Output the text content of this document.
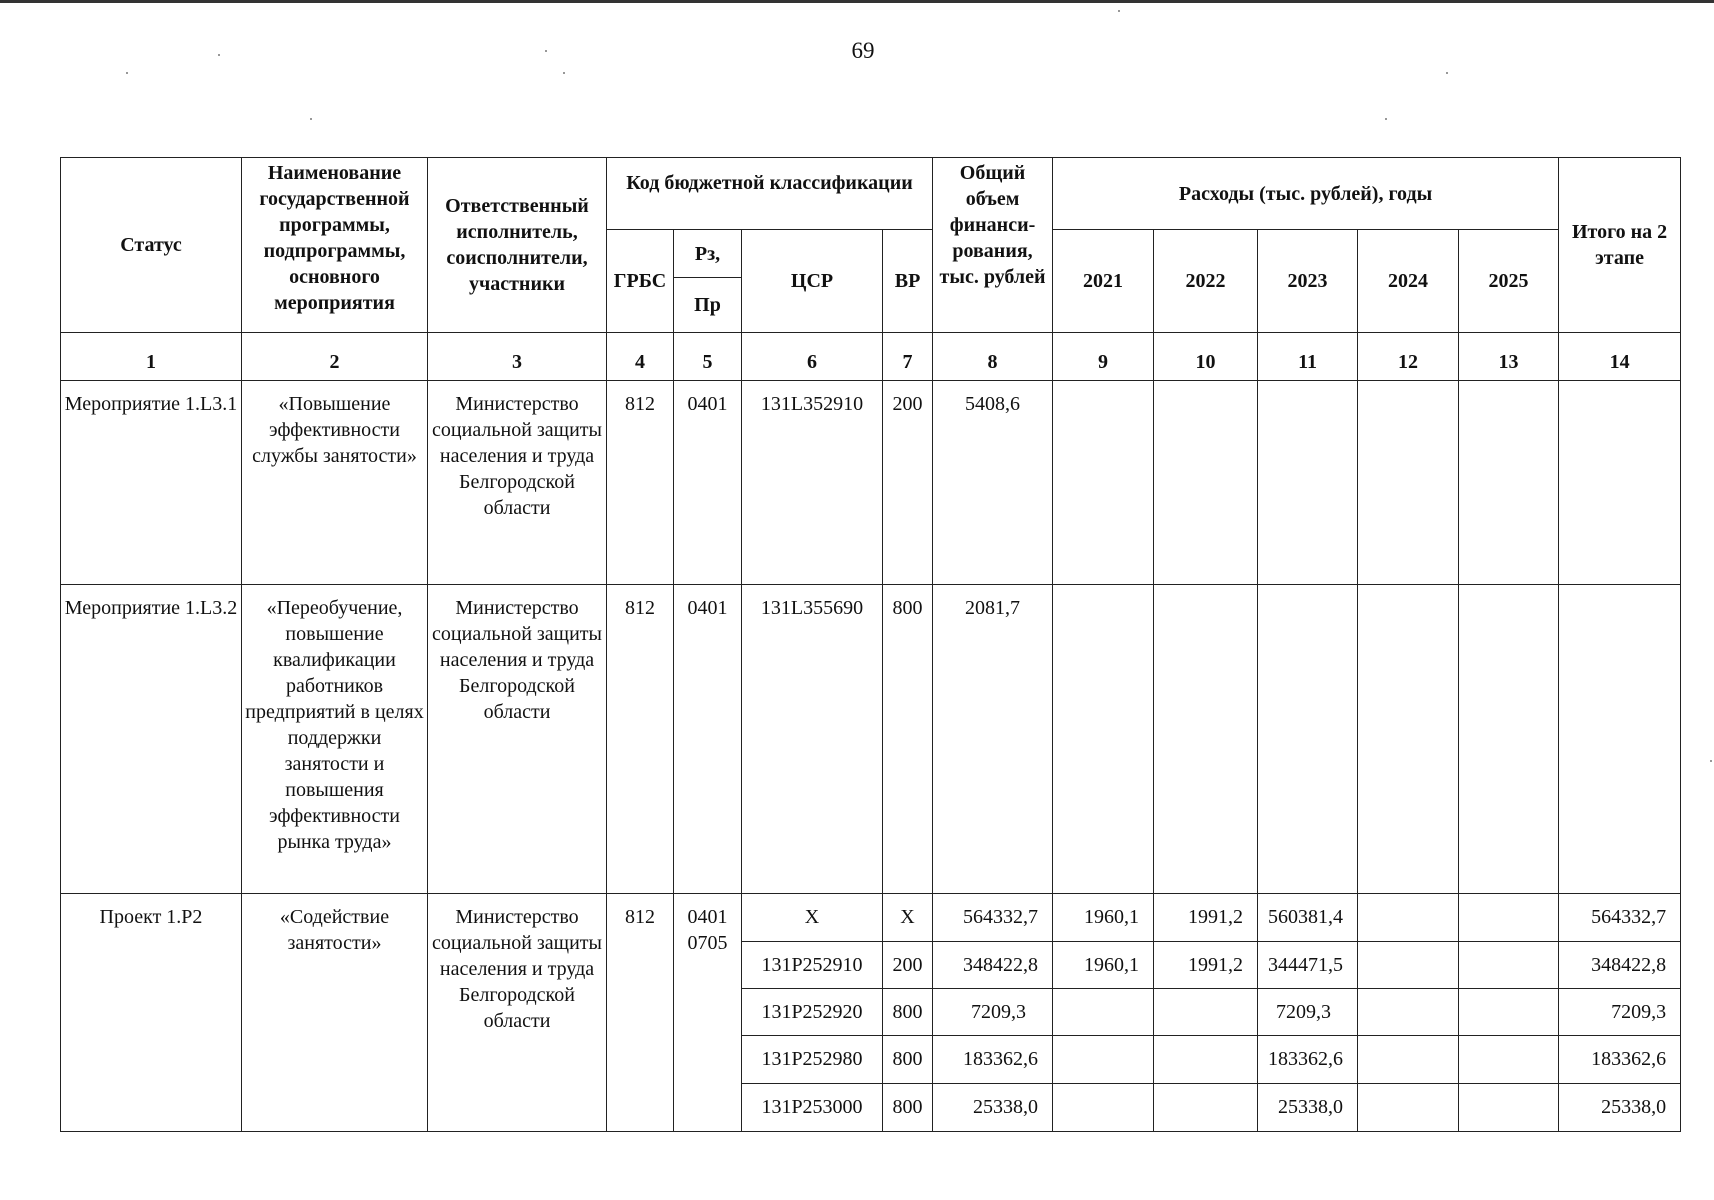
69
Статус	Наименование государственной программы, подпрограммы, основного мероприятия	Ответственный исполнитель, соисполнители, участники	Код бюджетной классификации				Общий объем финанси-рования, тыс. рублей	Расходы (тыс. рублей), годы					Итого на 2 этапе
			ГРБС	Рз,	ЦСР	ВР		2021	2022	2023	2024	2025	
				Пр									
1	2	3	4	5	6	7	8	9	10	11	12	13	14
Мероприятие 1.L3.1	«Повышение эффективности службы занятости»	Министерство социальной защиты населения и труда Белгородской области	812	0401	131L352910	200	5408,6						
Мероприятие 1.L3.2	«Переобучение, повышение квалификации работников предприятий в целях поддержки занятости и повышения эффективности рынка труда»	Министерство социальной защиты населения и труда Белгородской области	812	0401	131L355690	800	2081,7						
Проект 1.Р2	«Содействие занятости»	Министерство социальной защиты населения и труда Белгородской области	812	0401 0705	Х	Х	564332,7	1960,1	1991,2	560381,4			564332,7
					131Р252910	200	348422,8	1960,1	1991,2	344471,5			348422,8
					131Р252920	800	7209,3			7209,3			7209,3
					131Р252980	800	183362,6			183362,6			183362,6
					131Р253000	800	25338,0			25338,0			25338,0
